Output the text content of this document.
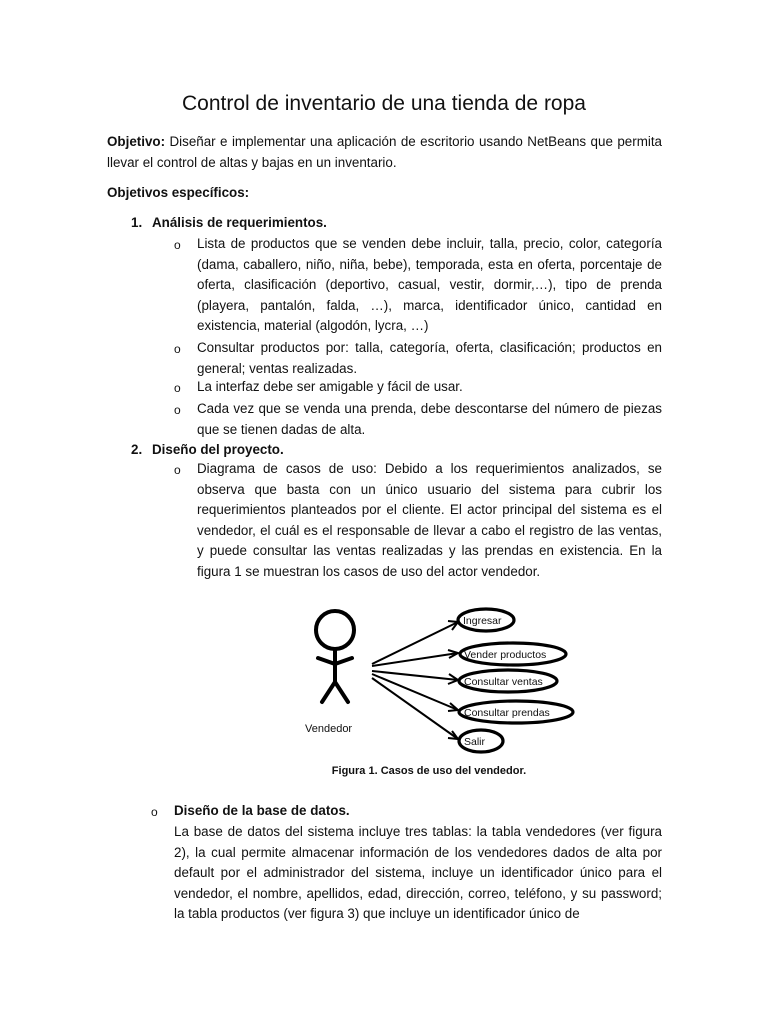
Control de inventario de una tienda de ropa
Objetivo: Diseñar e implementar una aplicación de escritorio usando NetBeans que permita llevar el control de altas y bajas en un inventario.
Objetivos específicos:
1. Análisis de requerimientos.
o Lista de productos que se venden debe incluir, talla, precio, color, categoría (dama, caballero, niño, niña, bebe), temporada, esta en oferta, porcentaje de oferta, clasificación (deportivo, casual, vestir, dormir,…), tipo de prenda (playera, pantalón, falda, …), marca, identificador único, cantidad en existencia, material (algodón, lycra, …)
o Consultar productos por: talla, categoría, oferta, clasificación; productos en general; ventas realizadas.
o La interfaz debe ser amigable y fácil de usar.
o Cada vez que se venda una prenda, debe descontarse del número de piezas que se tienen dadas de alta.
2. Diseño del proyecto.
o Diagrama de casos de uso: Debido a los requerimientos analizados, se observa que basta con un único usuario del sistema para cubrir los requerimientos planteados por el cliente. El actor principal del sistema es el vendedor, el cuál es el responsable de llevar a cabo el registro de las ventas, y puede consultar las ventas realizadas y las prendas en existencia. En la figura 1 se muestran los casos de uso del actor vendedor.
Vendedor
Ingresar
Vender productos
Consultar ventas
Consultar prendas
Salir
Figura 1. Casos de uso del vendedor.
o Diseño de la base de datos.
La base de datos del sistema incluye tres tablas: la tabla vendedores (ver figura 2), la cual permite almacenar información de los vendedores dados de alta por default por el administrador del sistema, incluye un identificador único para el vendedor, el nombre, apellidos, edad, dirección, correo, teléfono, y su password; la tabla productos (ver figura 3) que incluye un identificador único de
